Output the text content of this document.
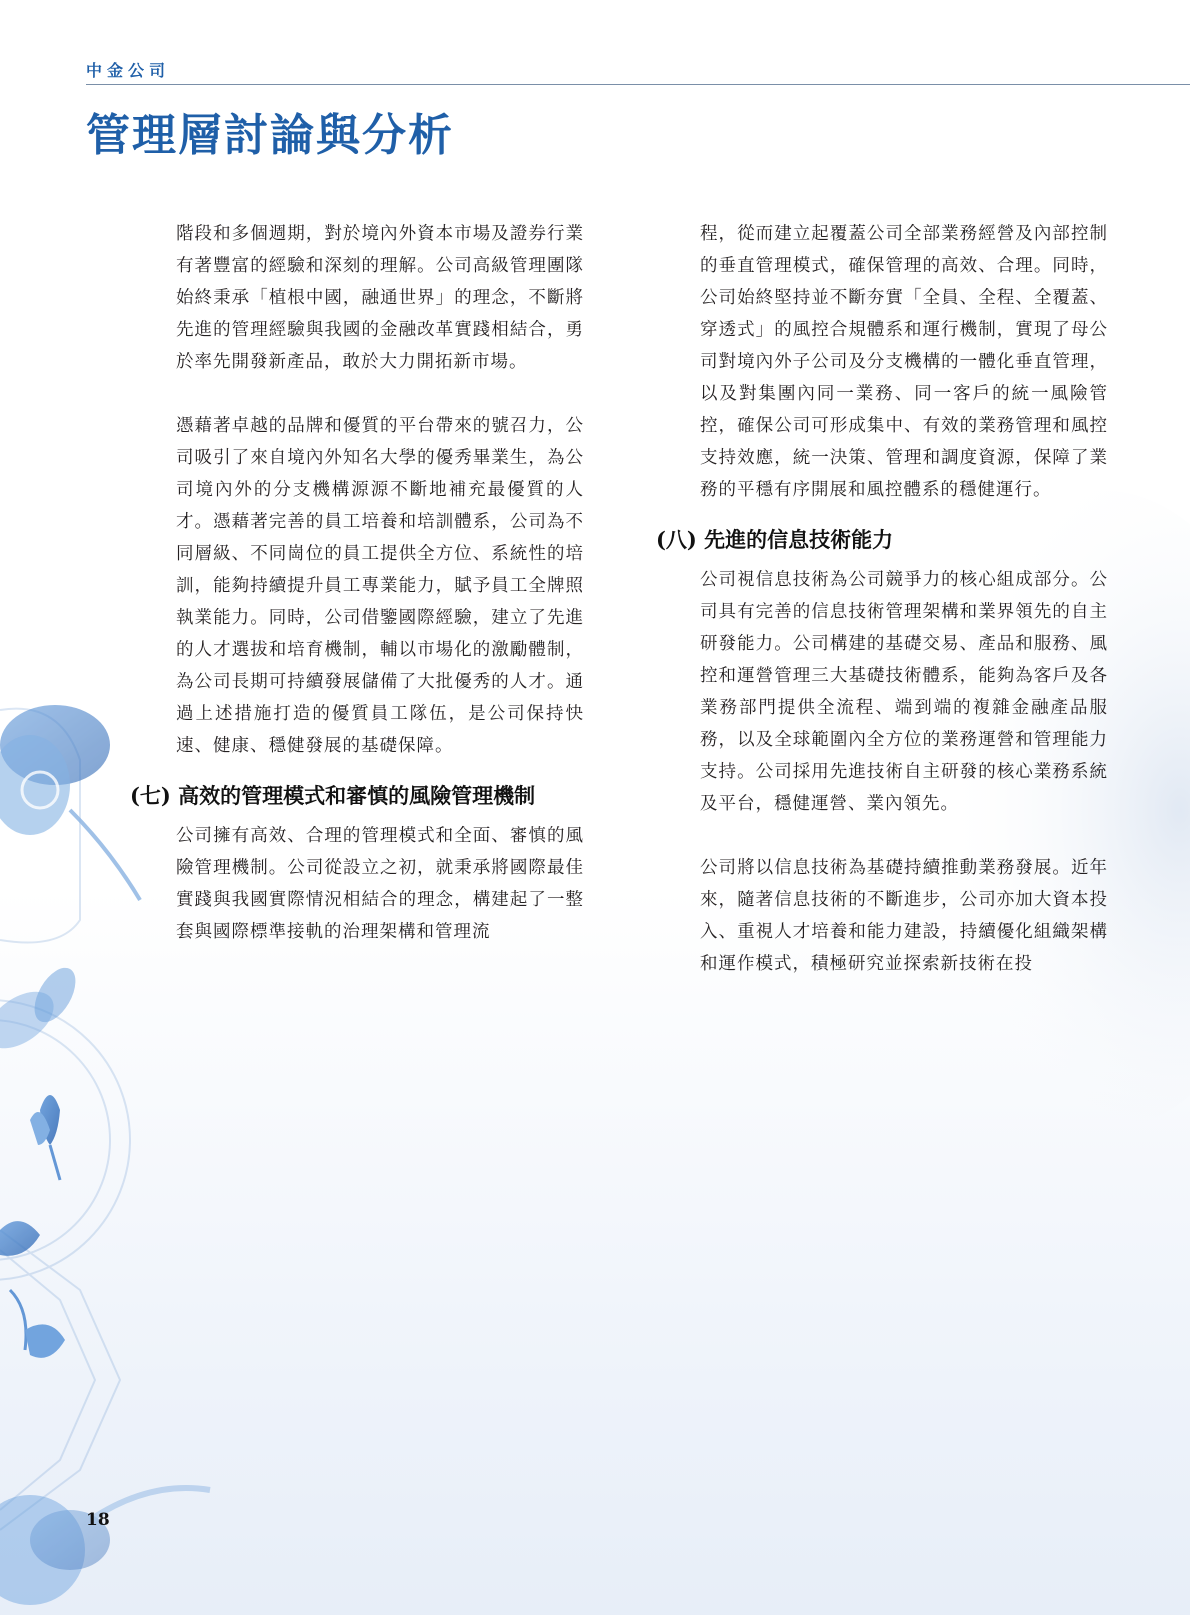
中金公司
管理層討論與分析

階段和多個週期，對於境內外資本市場及證券行業有著豐富的經驗和深刻的理解。公司高級管理團隊始終秉承「植根中國，融通世界」的理念，不斷將先進的管理經驗與我國的金融改革實踐相結合，勇於率先開發新產品，敢於大力開拓新市場。

憑藉著卓越的品牌和優質的平台帶來的號召力，公司吸引了來自境內外知名大學的優秀畢業生，為公司境內外的分支機構源源不斷地補充最優質的人才。憑藉著完善的員工培養和培訓體系，公司為不同層級、不同崗位的員工提供全方位、系統性的培訓，能夠持續提升員工專業能力，賦予員工全牌照執業能力。同時，公司借鑒國際經驗，建立了先進的人才選拔和培育機制，輔以市場化的激勵體制，為公司長期可持續發展儲備了大批優秀的人才。通過上述措施打造的優質員工隊伍，是公司保持快速、健康、穩健發展的基礎保障。

(七) 高效的管理模式和審慎的風險管理機制

公司擁有高效、合理的管理模式和全面、審慎的風險管理機制。公司從設立之初，就秉承將國際最佳實踐與我國實際情況相結合的理念，構建起了一整套與國際標準接軌的治理架構和管理流

程，從而建立起覆蓋公司全部業務經營及內部控制的垂直管理模式，確保管理的高效、合理。同時，公司始終堅持並不斷夯實「全員、全程、全覆蓋、穿透式」的風控合規體系和運行機制，實現了母公司對境內外子公司及分支機構的一體化垂直管理，以及對集團內同一業務、同一客戶的統一風險管控，確保公司可形成集中、有效的業務管理和風控支持效應，統一決策、管理和調度資源，保障了業務的平穩有序開展和風控體系的穩健運行。

(八) 先進的信息技術能力

公司視信息技術為公司競爭力的核心組成部分。公司具有完善的信息技術管理架構和業界領先的自主研發能力。公司構建的基礎交易、產品和服務、風控和運營管理三大基礎技術體系，能夠為客戶及各業務部門提供全流程、端到端的複雜金融產品服務，以及全球範圍內全方位的業務運營和管理能力支持。公司採用先進技術自主研發的核心業務系統及平台，穩健運營、業內領先。

公司將以信息技術為基礎持續推動業務發展。近年來，隨著信息技術的不斷進步，公司亦加大資本投入、重視人才培養和能力建設，持續優化組織架構和運作模式，積極研究並探索新技術在投

18
